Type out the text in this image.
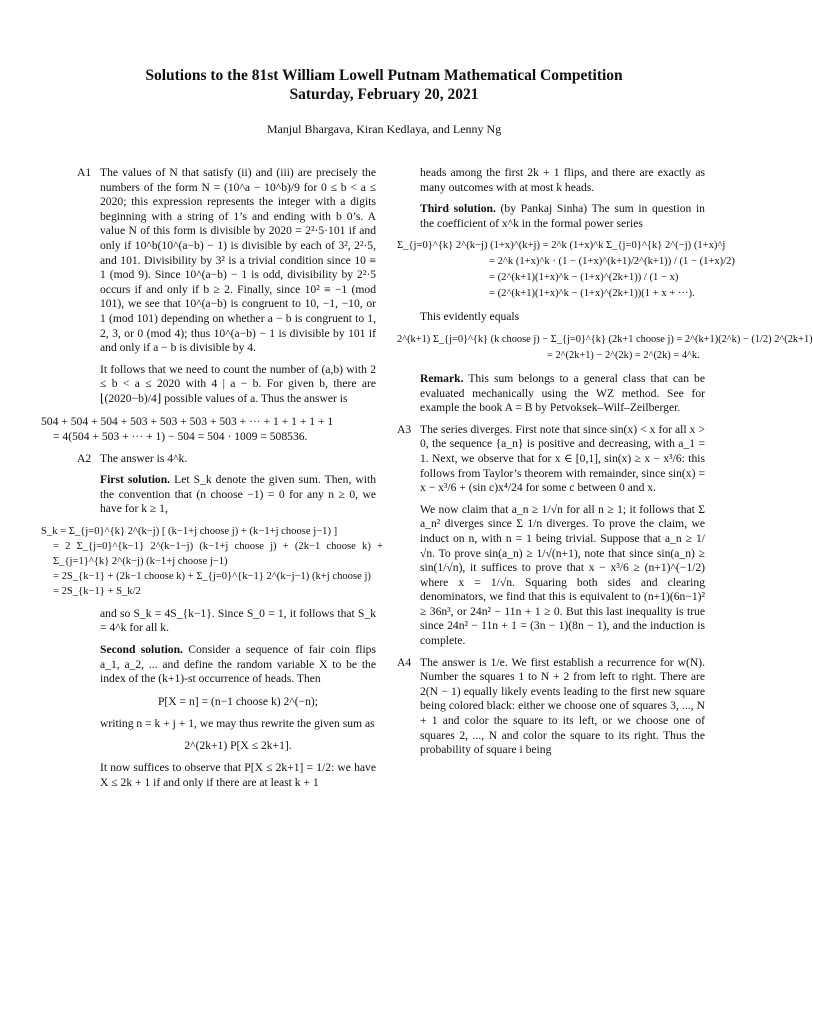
Solutions to the 81st William Lowell Putnam Mathematical Competition
Saturday, February 20, 2021
Manjul Bhargava, Kiran Kedlaya, and Lenny Ng
A1 The values of N that satisfy (ii) and (iii) are precisely the numbers of the form N = (10^a − 10^b)/9 for 0 ≤ b < a ≤ 2020; this expression represents the integer with a digits beginning with a string of 1’s and ending with b 0’s. A value N of this form is divisible by 2020 = 2²·5·101 if and only if 10^b(10^(a−b) − 1) is divisible by each of 3², 2²·5, and 101. Divisibility by 3² is a trivial condition since 10 ≡ 1 (mod 9). Since 10^(a−b) − 1 is odd, divisibility by 2²·5 occurs if and only if b ≥ 2. Finally, since 10² ≡ −1 (mod 101), we see that 10^(a−b) is congruent to 10, −1, −10, or 1 (mod 101) depending on whether a − b is congruent to 1, 2, 3, or 0 (mod 4); thus 10^(a−b) − 1 is divisible by 101 if and only if a − b is divisible by 4.

It follows that we need to count the number of (a,b) with 2 ≤ b < a ≤ 2020 with 4 | a − b. For given b, there are ⌊(2020−b)/4⌋ possible values of a. Thus the answer is

504 + 504 + 504 + 503 + 503 + 503 + 503 + ··· + 1 + 1 + 1 + 1
= 4(504 + 503 + ··· + 1) − 504 = 504 · 1009 = 508536.
A2 The answer is 4^k.

First solution. Let S_k denote the given sum. Then, with the convention that (n choose −1) = 0 for any n ≥ 0, we have for k ≥ 1,

S_k = Σ_{j=0}^{k} 2^(k−j) [ (k−1+j choose j) + (k−1+j choose j−1) ]
= 2 Σ_{j=0}^{k−1} 2^(k−1−j) (k−1+j choose j) + (2k−1 choose k) + Σ_{j=1}^{k} 2^(k−j) (k−1+j choose j−1)
= 2S_{k−1} + (2k−1 choose k) + Σ_{j=0}^{k−1} 2^(k−j−1) (k+j choose j)
= 2S_{k−1} + S_k/2

and so S_k = 4S_{k−1}. Since S_0 = 1, it follows that S_k = 4^k for all k.

Second solution. Consider a sequence of fair coin flips a_1, a_2, ... and define the random variable X to be the index of the (k+1)-st occurrence of heads. Then

P[X = n] = (n−1 choose k) 2^(−n);

writing n = k + j + 1, we may thus rewrite the given sum as

2^(2k+1) P[X ≤ 2k+1].

It now suffices to observe that P[X ≤ 2k+1] = 1/2: we have X ≤ 2k + 1 if and only if there are at least k + 1

heads among the first 2k + 1 flips, and there are exactly as many outcomes with at most k heads.

Third solution. (by Pankaj Sinha) The sum in question in the coefficient of x^k in the formal power series

Σ_{j=0}^{k} 2^(k−j) (1+x)^(k+j) = 2^k (1+x)^k Σ_{j=0}^{k} 2^(−j) (1+x)^j
= 2^k (1+x)^k · (1 − (1+x)^(k+1)/2^(k+1)) / (1 − (1+x)/2)
= (2^(k+1)(1+x)^k − (1+x)^(2k+1)) / (1 − x)
= (2^(k+1)(1+x)^k − (1+x)^(2k+1))(1 + x + ···).

This evidently equals

2^(k+1) Σ_{j=0}^{k} (k choose j) − Σ_{j=0}^{k} (2k+1 choose j) = 2^(k+1)(2^k) − (1/2) 2^(2k+1)
= 2^(2k+1) − 2^(2k) = 2^(2k) = 4^k.

Remark. This sum belongs to a general class that can be evaluated mechanically using the WZ method. See for example the book A = B by Petvoksek–Wilf–Zeilberger.

A3 The series diverges. First note that since sin(x) < x for all x > 0, the sequence {a_n} is positive and decreasing, with a_1 = 1. Next, we observe that for x ∈ [0,1], sin(x) ≥ x − x³/6: this follows from Taylor’s theorem with remainder, since sin(x) = x − x³/6 + (sin c)x⁴/24 for some c between 0 and x.

We now claim that a_n ≥ 1/√n for all n ≥ 1; it follows that Σ a_n² diverges since Σ 1/n diverges. To prove the claim, we induct on n, with n = 1 being trivial. Suppose that a_n ≥ 1/√n. To prove sin(a_n) ≥ 1/√(n+1), note that since sin(a_n) ≥ sin(1/√n), it suffices to prove that x − x³/6 ≥ (n+1)^(−1/2) where x = 1/√n. Squaring both sides and clearing denominators, we find that this is equivalent to (n+1)(6n−1)² ≥ 36n³, or 24n² − 11n + 1 ≥ 0. But this last inequality is true since 24n² − 11n + 1 = (3n − 1)(8n − 1), and the induction is complete.

A4 The answer is 1/e. We first establish a recurrence for w(N). Number the squares 1 to N + 2 from left to right. There are 2(N − 1) equally likely events leading to the first new square being colored black: either we choose one of squares 3, ..., N + 1 and color the square to its left, or we choose one of squares 2, ..., N and color the square to its right. Thus the probability of square i being
